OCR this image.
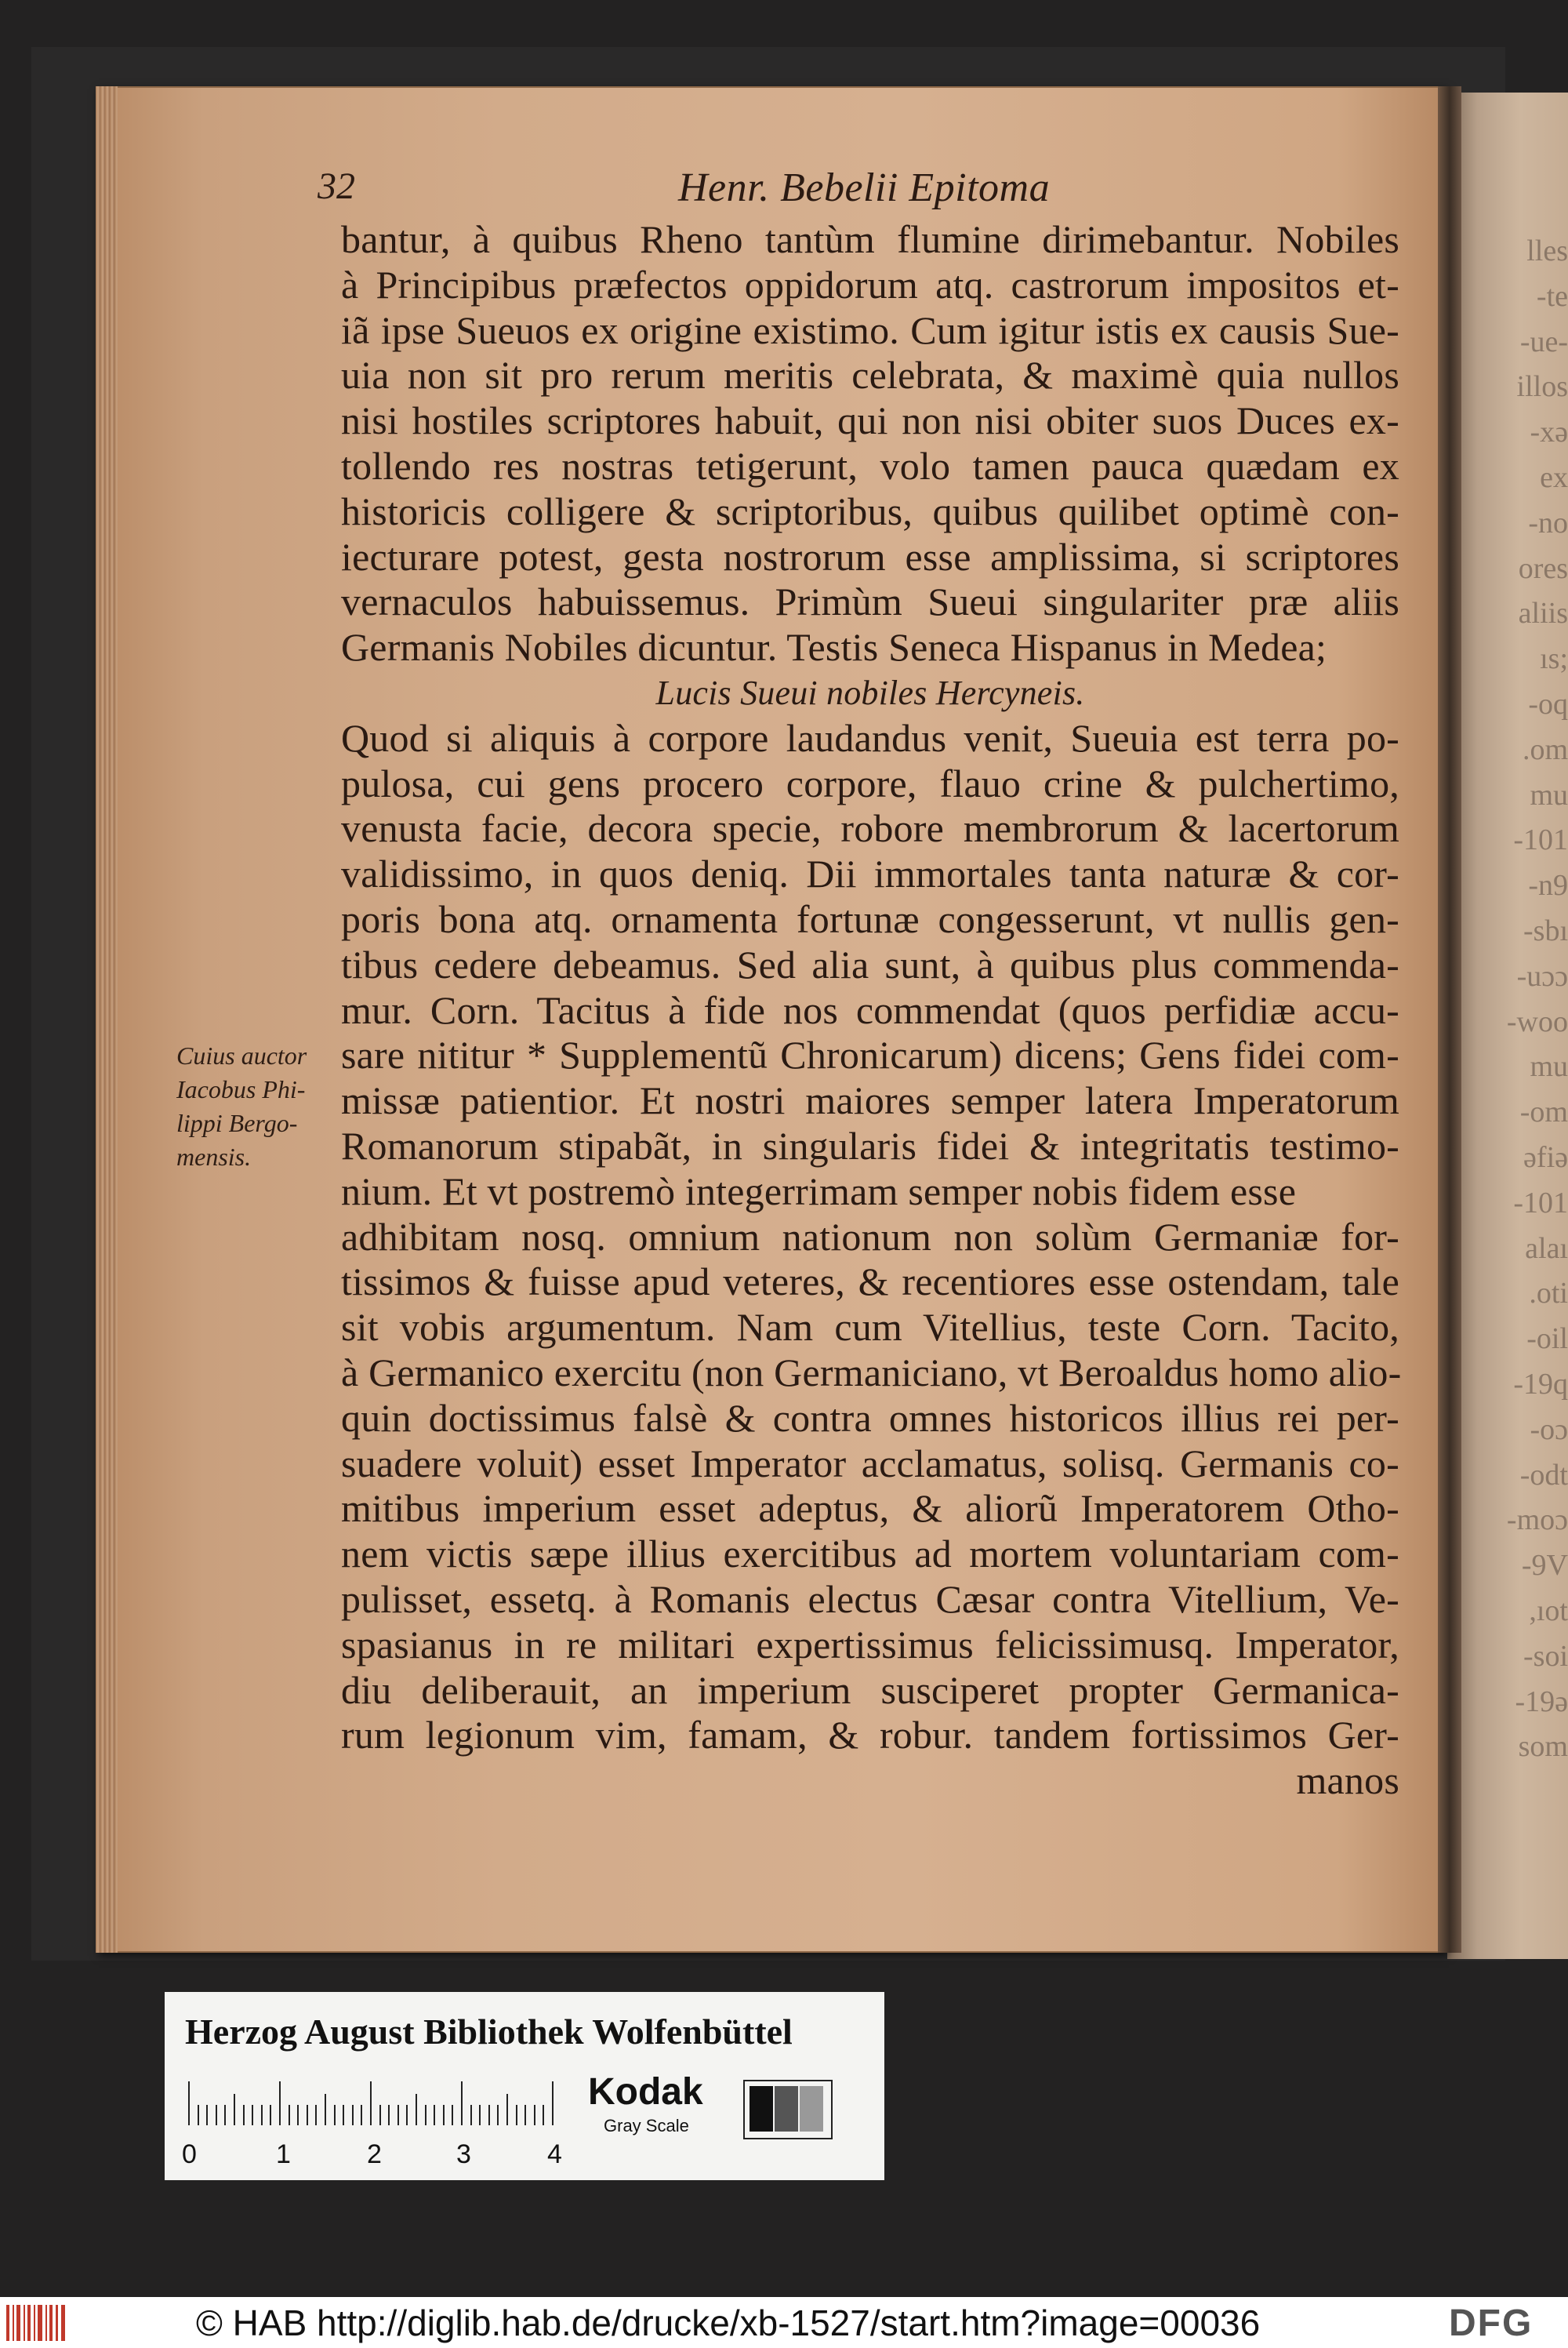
lles
-te
-ue-
illos
-xə
ex
-no
ores
aliis
ıs;
-oq
.om
mu
-101
-n9
-sbı
-uɔɔ
-woo
mu
-om
əfiə
-101
alaı
.oti
-oil
-19q
-oɔ
-odt
-moɔ
-9V
,ıot
-soi
-19ə
som
32	Henr. Bebelii Epitoma
bantur, à quibus Rheno tantùm flumine dirimebantur. Nobiles
à Principibus præfectos oppidorum atq. castrorum impositos et-
iã ipse Sueuos ex origine existimo. Cum igitur istis ex causis Sue-
uia non sit pro rerum meritis celebrata, & maximè quia nullos
nisi hostiles scriptores habuit, qui non nisi obiter suos Duces ex-
tollendo res nostras tetigerunt, volo tamen pauca quædam ex
historicis colligere & scriptoribus, quibus quilibet optimè con-
iecturare potest, gesta nostrorum esse amplissima, si scriptores
vernaculos habuissemus. Primùm Sueui singulariter præ aliis
Germanis Nobiles dicuntur. Testis Seneca Hispanus in Medea;
Lucis Sueui nobiles Hercyneis.
Quod si aliquis à corpore laudandus venit, Sueuia est terra po-
pulosa, cui gens procero corpore, flauo crine & pulchertimo,
venusta facie, decora specie, robore membrorum & lacertorum
validissimo, in quos deniq. Dii immortales tanta naturæ & cor-
poris bona atq. ornamenta fortunæ congesserunt, vt nullis gen-
tibus cedere debeamus. Sed alia sunt, à quibus plus commenda-
mur. Corn. Tacitus à fide nos commendat (quos perfidiæ accu-
sare nititur * Supplementũ Chronicarum) dicens; Gens fidei com-
missæ patientior. Et nostri maiores semper latera Imperatorum
Romanorum stipabãt, in singularis fidei & integritatis testimo-
nium. Et vt postremò integerrimam semper nobis fidem esse
adhibitam nosq. omnium nationum non solùm Germaniæ for-
tissimos & fuisse apud veteres, & recentiores esse ostendam, tale
sit vobis argumentum. Nam cum Vitellius, teste Corn. Tacito,
à Germanico exercitu (non Germaniciano, vt Beroaldus homo alio-
quin doctissimus falsè & contra omnes historicos illius rei per-
suadere voluit) esset Imperator acclamatus, solisq. Germanis co-
mitibus imperium esset adeptus, & aliorũ Imperatorem Otho-
nem victis sæpe illius exercitibus ad mortem voluntariam com-
pulisset, essetq. à Romanis electus Cæsar contra Vitellium, Ve-
spasianus in re militari expertissimus felicissimusq. Imperator,
diu deliberauit, an imperium susciperet propter Germanica-
rum legionum vim, famam, & robur. tandem fortissimos Ger-
manos
Cuius auctor
Iacobus Phi-
lippi Bergo-
mensis.
Herzog August Bibliothek Wolfenbüttel
0	1	2	3	4
Kodak
Gray Scale
© HAB http://diglib.hab.de/drucke/xb-1527/start.htm?image=00036	DFG
